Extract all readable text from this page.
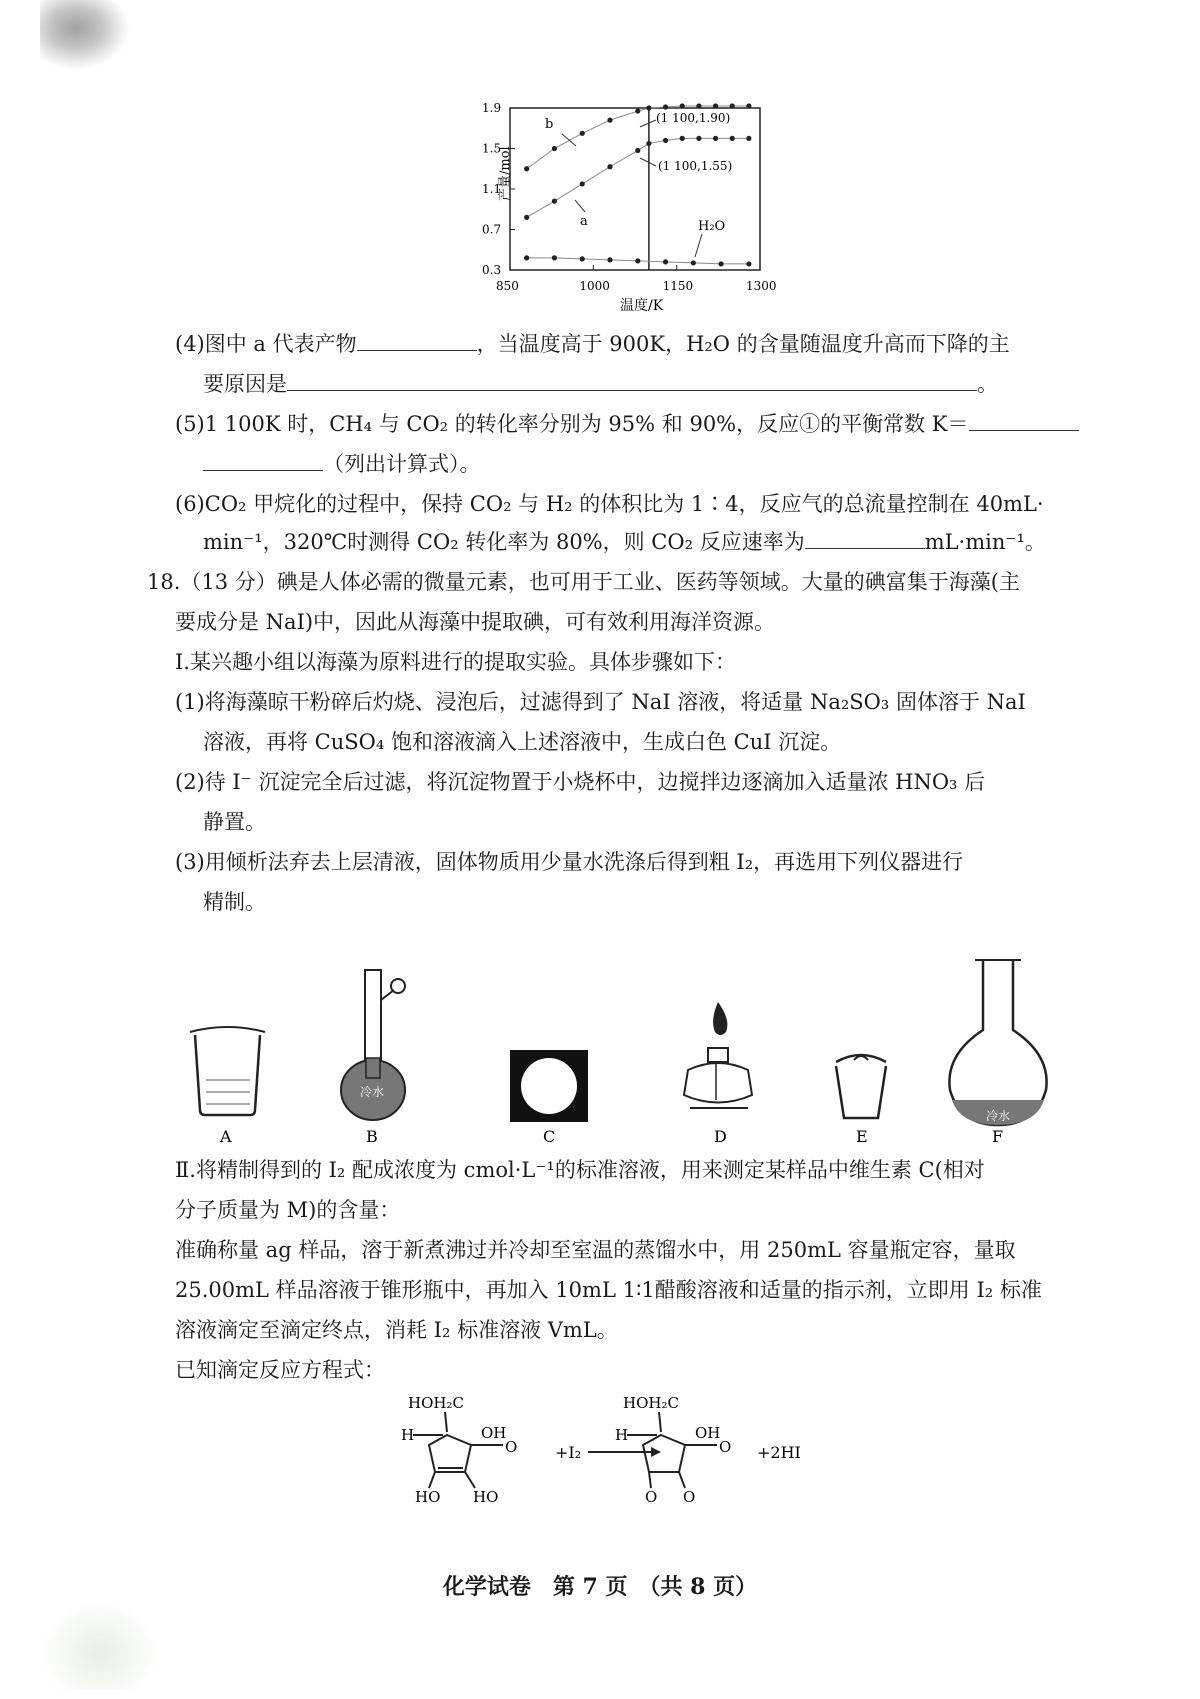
0.3
0.7
1.1
1.5
1.9
850	1000	1150	1300
b
a	H₂O
(1 100,1.90)
(1 100,1.55)
产量/mol
温度/K
(4)图中 a 代表产物	，当温度高于 900K，H₂O 的含量随温度升高而下降的主
要原因是	。
(5)1 100K 时，CH₄ 与 CO₂ 的转化率分别为 95% 和 90%，反应①的平衡常数 K＝
（列出计算式）。
(6)CO₂ 甲烷化的过程中，保持 CO₂ 与 H₂ 的体积比为 1∶4，反应气的总流量控制在 40mL·
min⁻¹，320℃时测得 CO₂ 转化率为 80%，则 CO₂ 反应速率为	mL·min⁻¹。
18.（13 分）碘是人体必需的微量元素，也可用于工业、医药等领域。大量的碘富集于海藻(主
要成分是 NaI)中，因此从海藻中提取碘，可有效利用海洋资源。
Ⅰ.某兴趣小组以海藻为原料进行的提取实验。具体步骤如下：
(1)将海藻晾干粉碎后灼烧、浸泡后，过滤得到了 NaI 溶液，将适量 Na₂SO₃ 固体溶于 NaI
溶液，再将 CuSO₄ 饱和溶液滴入上述溶液中，生成白色 CuI 沉淀。
(2)待 I⁻ 沉淀完全后过滤，将沉淀物置于小烧杯中，边搅拌边逐滴加入适量浓 HNO₃ 后
静置。
(3)用倾析法弃去上层清液，固体物质用少量水洗涤后得到粗 I₂，再选用下列仪器进行
精制。
A
冷水
B	C	D	E
冷水
F
Ⅱ.将精制得到的 I₂ 配成浓度为 cmol·L⁻¹的标准溶液，用来测定某样品中维生素 C(相对
分子质量为 M)的含量：
准确称量 ag 样品，溶于新煮沸过并冷却至室温的蒸馏水中，用 250mL 容量瓶定容，量取
25.00mL 样品溶液于锥形瓶中，再加入 10mL 1∶1醋酸溶液和适量的指示剂，立即用 I₂ 标准
溶液滴定至滴定终点，消耗 I₂ 标准溶液 VmL。
已知滴定反应方程式：
HOH₂C
H	OH
O
HO HO
+I₂
HOH₂C
H	OH
O
O O
+2HI
化学试卷　第 7 页　（共 8 页）
